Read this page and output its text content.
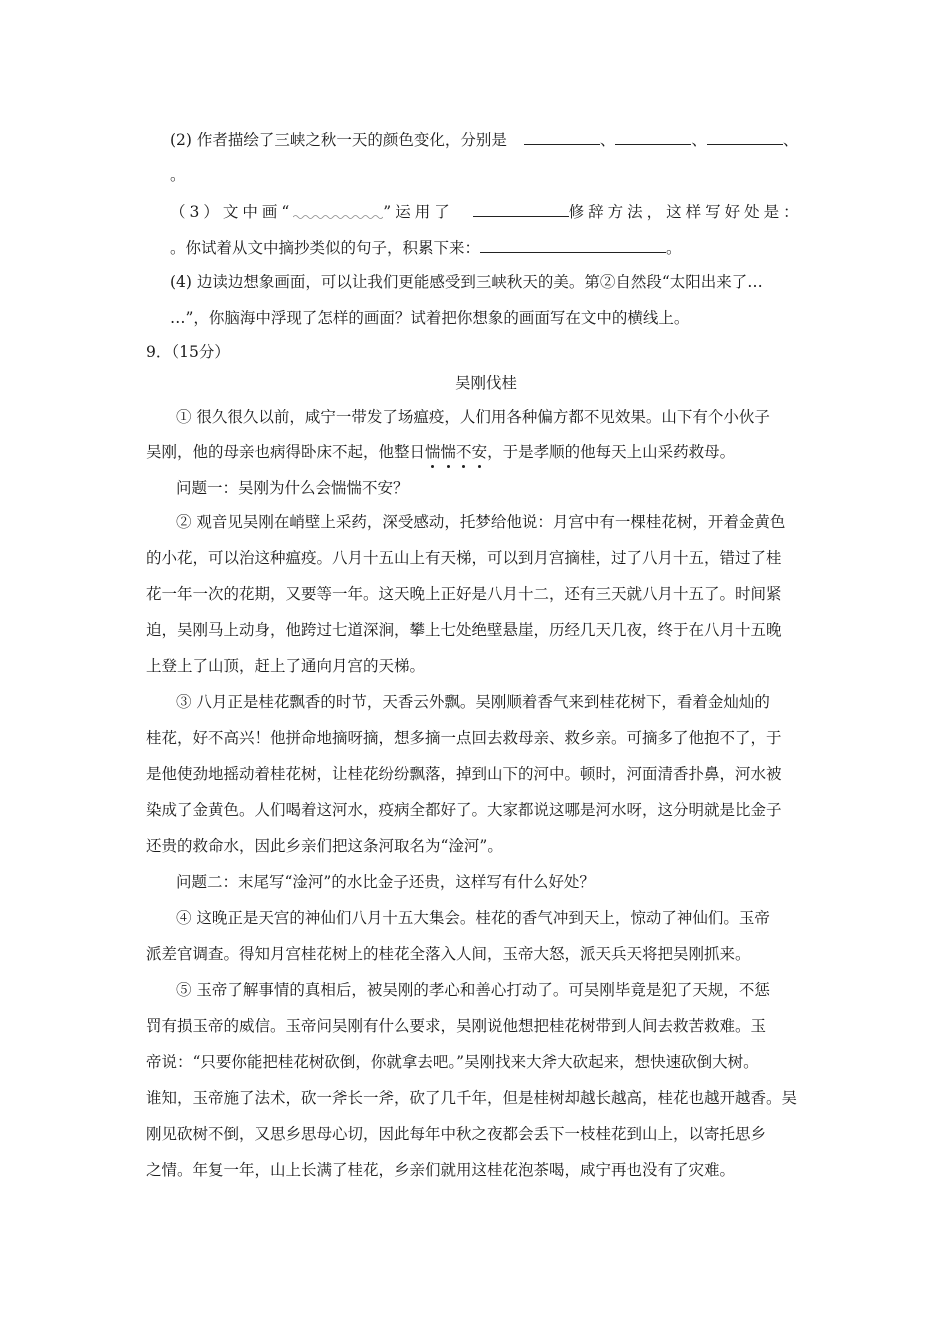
(2) 作者描绘了三峡之秋一天的颜色变化，分别是	、	、	、
。
（3）文中画“	”运用了	修辞方法，这样写好处是：
。你试着从文中摘抄类似的句子，积累下来：	。
(4) 边读边想象画面，可以让我们更能感受到三峡秋天的美。第②自然段“太阳出来了…
…”，你脑海中浮现了怎样的画面？试着把你想象的画面写在文中的横线上。
9．（15分）
吴刚伐桂
① 很久很久以前，咸宁一带发了场瘟疫，人们用各种偏方都不见效果。山下有个小伙子
吴刚，他的母亲也病得卧床不起，他整日惴惴不安，于是孝顺的他每天上山采药救母。
问题一：吴刚为什么会惴惴不安？
② 观音见吴刚在峭壁上采药，深受感动，托梦给他说：月宫中有一棵桂花树，开着金黄色
的小花，可以治这种瘟疫。八月十五山上有天梯，可以到月宫摘桂，过了八月十五，错过了桂
花一年一次的花期，又要等一年。这天晚上正好是八月十二，还有三天就八月十五了。时间紧
迫，吴刚马上动身，他跨过七道深涧，攀上七处绝壁悬崖，历经几天几夜，终于在八月十五晚
上登上了山顶，赶上了通向月宫的天梯。
③ 八月正是桂花飘香的时节，天香云外飘。吴刚顺着香气来到桂花树下，看着金灿灿的
桂花，好不高兴！他拼命地摘呀摘，想多摘一点回去救母亲、救乡亲。可摘多了他抱不了，于
是他使劲地摇动着桂花树，让桂花纷纷飘落，掉到山下的河中。顿时，河面清香扑鼻，河水被
染成了金黄色。人们喝着这河水，疫病全都好了。大家都说这哪是河水呀，这分明就是比金子
还贵的救命水，因此乡亲们把这条河取名为“淦河”。
问题二：末尾写“淦河”的水比金子还贵，这样写有什么好处？
④ 这晚正是天宫的神仙们八月十五大集会。桂花的香气冲到天上，惊动了神仙们。玉帝
派差官调查。得知月宫桂花树上的桂花全落入人间，玉帝大怒，派天兵天将把吴刚抓来。
⑤ 玉帝了解事情的真相后，被吴刚的孝心和善心打动了。可吴刚毕竟是犯了天规，不惩
罚有损玉帝的威信。玉帝问吴刚有什么要求，吴刚说他想把桂花树带到人间去救苦救难。玉
帝说：“只要你能把桂花树砍倒，你就拿去吧。”吴刚找来大斧大砍起来，想快速砍倒大树。
谁知，玉帝施了法术，砍一斧长一斧，砍了几千年，但是桂树却越长越高，桂花也越开越香。吴
刚见砍树不倒，又思乡思母心切，因此每年中秋之夜都会丢下一枝桂花到山上，以寄托思乡
之情。年复一年，山上长满了桂花，乡亲们就用这桂花泡茶喝，咸宁再也没有了灾难。
